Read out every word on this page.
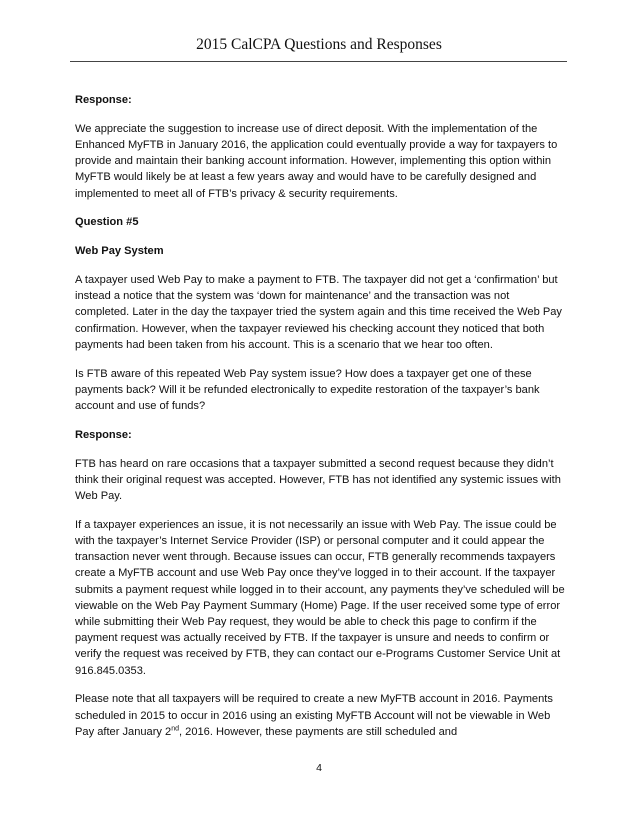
2015 CalCPA Questions and Responses

Response:

We appreciate the suggestion to increase use of direct deposit. With the implementation of the Enhanced MyFTB in January 2016, the application could eventually provide a way for taxpayers to provide and maintain their banking account information. However, implementing this option within MyFTB would likely be at least a few years away and would have to be carefully designed and implemented to meet all of FTB’s privacy & security requirements.

Question #5

Web Pay System

A taxpayer used Web Pay to make a payment to FTB. The taxpayer did not get a ‘confirmation’ but instead a notice that the system was ‘down for maintenance’ and the transaction was not completed. Later in the day the taxpayer tried the system again and this time received the Web Pay confirmation. However, when the taxpayer reviewed his checking account they noticed that both payments had been taken from his account. This is a scenario that we hear too often.

Is FTB aware of this repeated Web Pay system issue? How does a taxpayer get one of these payments back? Will it be refunded electronically to expedite restoration of the taxpayer’s bank account and use of funds?

Response:

FTB has heard on rare occasions that a taxpayer submitted a second request because they didn’t think their original request was accepted. However, FTB has not identified any systemic issues with Web Pay.

If a taxpayer experiences an issue, it is not necessarily an issue with Web Pay. The issue could be with the taxpayer’s Internet Service Provider (ISP) or personal computer and it could appear the transaction never went through. Because issues can occur, FTB generally recommends taxpayers create a MyFTB account and use Web Pay once they’ve logged in to their account. If the taxpayer submits a payment request while logged in to their account, any payments they’ve scheduled will be viewable on the Web Pay Payment Summary (Home) Page. If the user received some type of error while submitting their Web Pay request, they would be able to check this page to confirm if the payment request was actually received by FTB. If the taxpayer is unsure and needs to confirm or verify the request was received by FTB, they can contact our e-Programs Customer Service Unit at 916.845.0353.

Please note that all taxpayers will be required to create a new MyFTB account in 2016. Payments scheduled in 2015 to occur in 2016 using an existing MyFTB Account will not be viewable in Web Pay after January 2nd, 2016. However, these payments are still scheduled and

4
